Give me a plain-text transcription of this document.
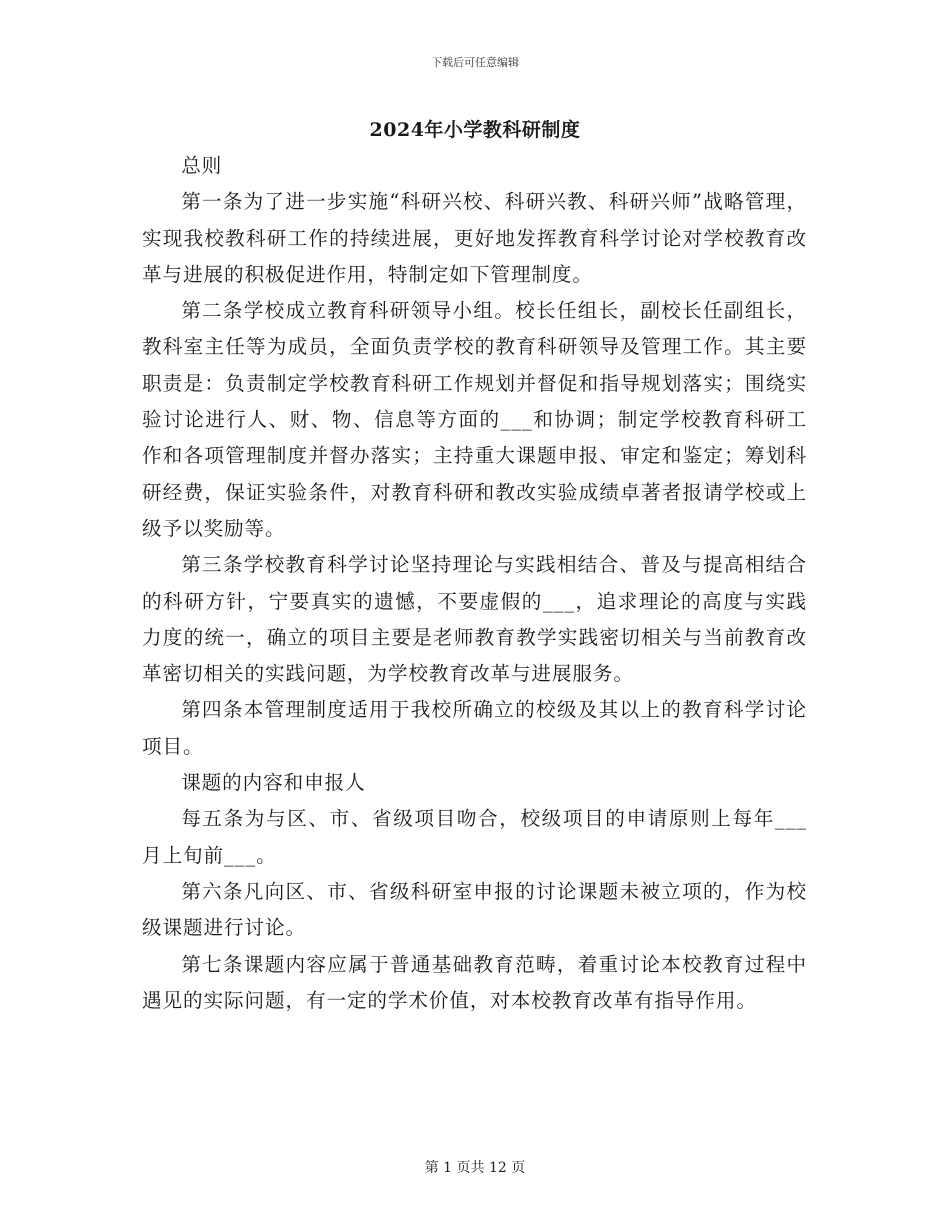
下载后可任意编辑
2024年小学教科研制度

总则

第一条为了进一步实施“科研兴校、科研兴教、科研兴师”战略管理，实现我校教科研工作的持续进展，更好地发挥教育科学讨论对学校教育改革与进展的积极促进作用，特制定如下管理制度。

第二条学校成立教育科研领导小组。校长任组长，副校长任副组长，教科室主任等为成员，全面负责学校的教育科研领导及管理工作。其主要职责是：负责制定学校教育科研工作规划并督促和指导规划落实；围绕实验讨论进行人、财、物、信息等方面的___和协调；制定学校教育科研工作和各项管理制度并督办落实；主持重大课题申报、审定和鉴定；筹划科研经费，保证实验条件，对教育科研和教改实验成绩卓著者报请学校或上级予以奖励等。

第三条学校教育科学讨论坚持理论与实践相结合、普及与提高相结合的科研方针，宁要真实的遗憾，不要虚假的___，追求理论的高度与实践力度的统一，确立的项目主要是老师教育教学实践密切相关与当前教育改革密切相关的实践问题，为学校教育改革与进展服务。

第四条本管理制度适用于我校所确立的校级及其以上的教育科学讨论项目。

课题的内容和申报人

每五条为与区、市、省级项目吻合，校级项目的申请原则上每年___月上旬前___。

第六条凡向区、市、省级科研室申报的讨论课题未被立项的，作为校级课题进行讨论。

第七条课题内容应属于普通基础教育范畴，着重讨论本校教育过程中遇见的实际问题，有一定的学术价值，对本校教育改革有指导作用。

第 1 页共 12 页
